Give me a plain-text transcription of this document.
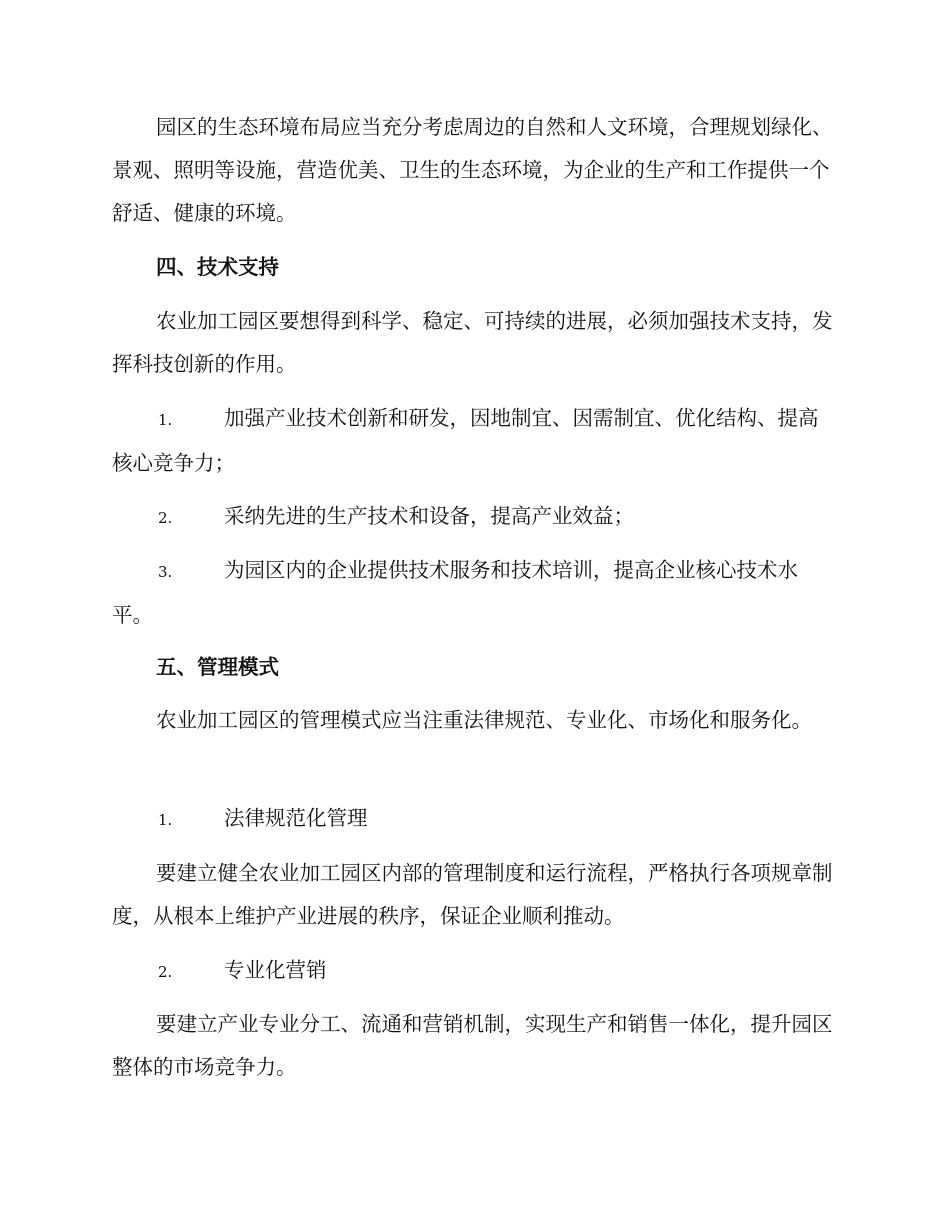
园区的生态环境布局应当充分考虑周边的自然和人文环境，合理规划绿化、景观、照明等设施，营造优美、卫生的生态环境，为企业的生产和工作提供一个舒适、健康的环境。

四、技术支持

农业加工园区要想得到科学、稳定、可持续的进展，必须加强技术支持，发挥科技创新的作用。

1.	加强产业技术创新和研发，因地制宜、因需制宜、优化结构、提高核心竞争力；

2.	采纳先进的生产技术和设备，提高产业效益；

3.	为园区内的企业提供技术服务和技术培训，提高企业核心技术水平。

五、管理模式

农业加工园区的管理模式应当注重法律规范、专业化、市场化和服务化。

1.	法律规范化管理

要建立健全农业加工园区内部的管理制度和运行流程，严格执行各项规章制度，从根本上维护产业进展的秩序，保证企业顺利推动。

2.	专业化营销

要建立产业专业分工、流通和营销机制，实现生产和销售一体化，提升园区整体的市场竞争力。
